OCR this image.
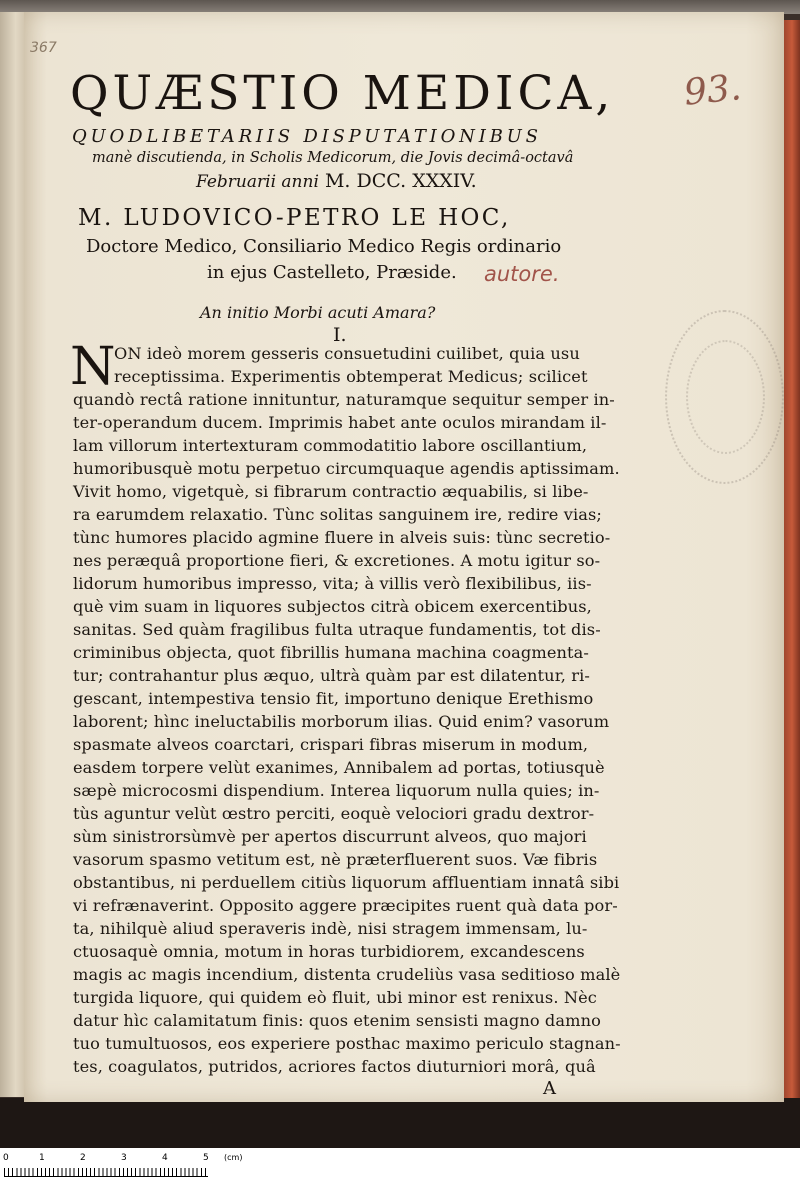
367
93.
QUÆSTIO MEDICA,
QUODLIBETARIIS DISPUTATIONIBUS
manè discutienda, in Scholis Medicorum, die Jovis decimâ-octavâ
Februarii anni M. DCC. XXXIV.
M. LUDOVICO-PETRO LE HOC,
Doctore Medico, Consiliario Medico Regis ordinario
in ejus Castelleto, Præside. autore.
An initio Morbi acuti Amara?
I.
N
ON ideò morem gesseris consuetudini cuilibet, quia usu
receptissima. Experimentis obtemperat Medicus; scilicet
quandò rectâ ratione innituntur, naturamque sequitur semper in-
ter-operandum ducem. Imprimis habet ante oculos mirandam il-
lam villorum intertexturam commodatitio labore oscillantium,
humoribusquè motu perpetuo circumquaque agendis aptissimam.
Vivit homo, vigetquè, si fibrarum contractio æquabilis, si libe-
ra earumdem relaxatio. Tùnc solitas sanguinem ire, redire vias;
tùnc humores placido agmine fluere in alveis suis: tùnc secretio-
nes peræquâ proportione fieri, & excretiones. A motu igitur so-
lidorum humoribus impresso, vita; à villis verò flexibilibus, iis-
què vim suam in liquores subjectos citrà obicem exercentibus,
sanitas. Sed quàm fragilibus fulta utraque fundamentis, tot dis-
criminibus objecta, quot fibrillis humana machina coagmenta-
tur; contrahantur plus æquo, ultrà quàm par est dilatentur, ri-
gescant, intempestiva tensio fit, importuno denique Erethismo
laborent; hìnc ineluctabilis morborum ilias. Quid enim? vasorum
spasmate alveos coarctari, crispari fibras miserum in modum,
easdem torpere velùt exanimes, Annibalem ad portas, totiusquè
sæpè microcosmi dispendium. Interea liquorum nulla quies; in-
tùs aguntur velùt œstro perciti, eoquè velociori gradu dextror-
sùm sinistrorsùmvè per apertos discurrunt alveos, quo majori
vasorum spasmo vetitum est, nè præterfluerent suos. Væ fibris
obstantibus, ni perduellem citiùs liquorum affluentiam innatâ sibi
vi refrænaverint. Opposito aggere præcipites ruent quà data por-
ta, nihilquè aliud speraveris indè, nisi stragem immensam, lu-
ctuosaquè omnia, motum in horas turbidiorem, excandescens
magis ac magis incendium, distenta crudeliùs vasa seditioso malè
turgida liquore, qui quidem eò fluit, ubi minor est renixus. Nèc
datur hìc calamitatum finis: quos etenim sensisti magno damno
tuo tumultuosos, eos experiere posthac maximo periculo stagnan-
tes, coagulatos, putridos, acriores factos diuturniori morâ, quâ
A
0	1	2	3	4	5 (cm)
